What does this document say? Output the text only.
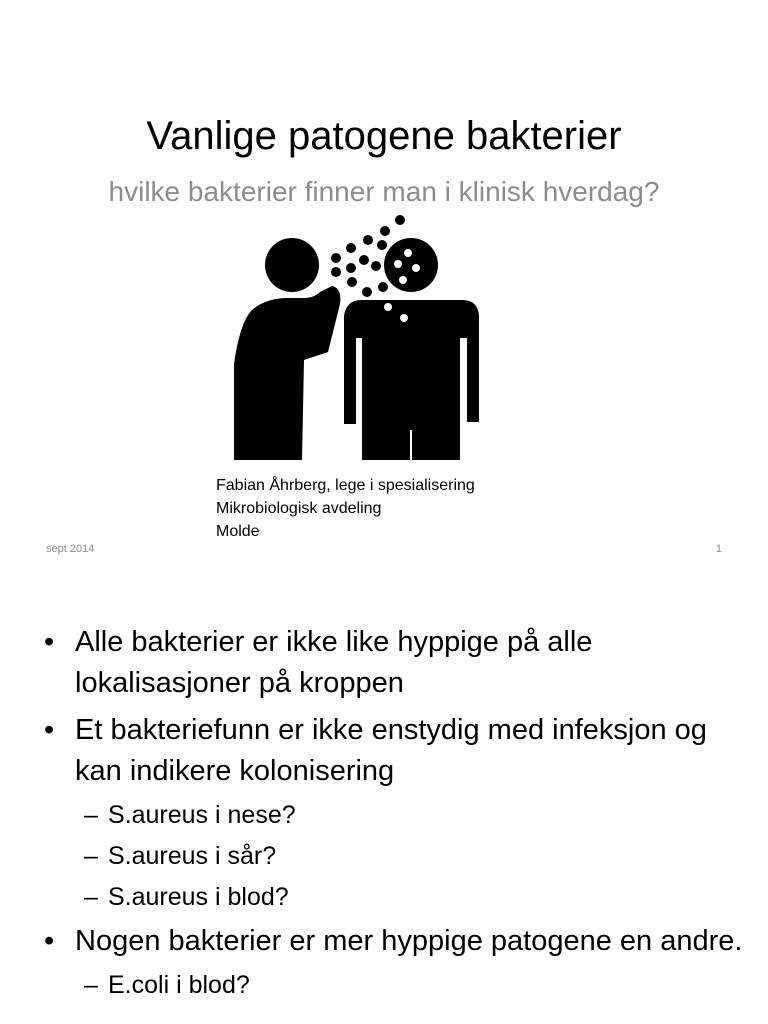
Vanlige patogene bakterier
hvilke bakterier finner man i klinisk hverdag?
Fabian Åhrberg, lege i spesialisering
Mikrobiologisk avdeling
Molde
sept 2014	1
• Alle bakterier er ikke like hyppige på alle lokalisasjoner på kroppen
• Et bakteriefunn er ikke enstydig med infeksjon og kan indikere kolonisering
– S.aureus i nese?
– S.aureus i sår?
– S.aureus i blod?
• Nogen bakterier er mer hyppige patogene en andre.
– E.coli i blod?
